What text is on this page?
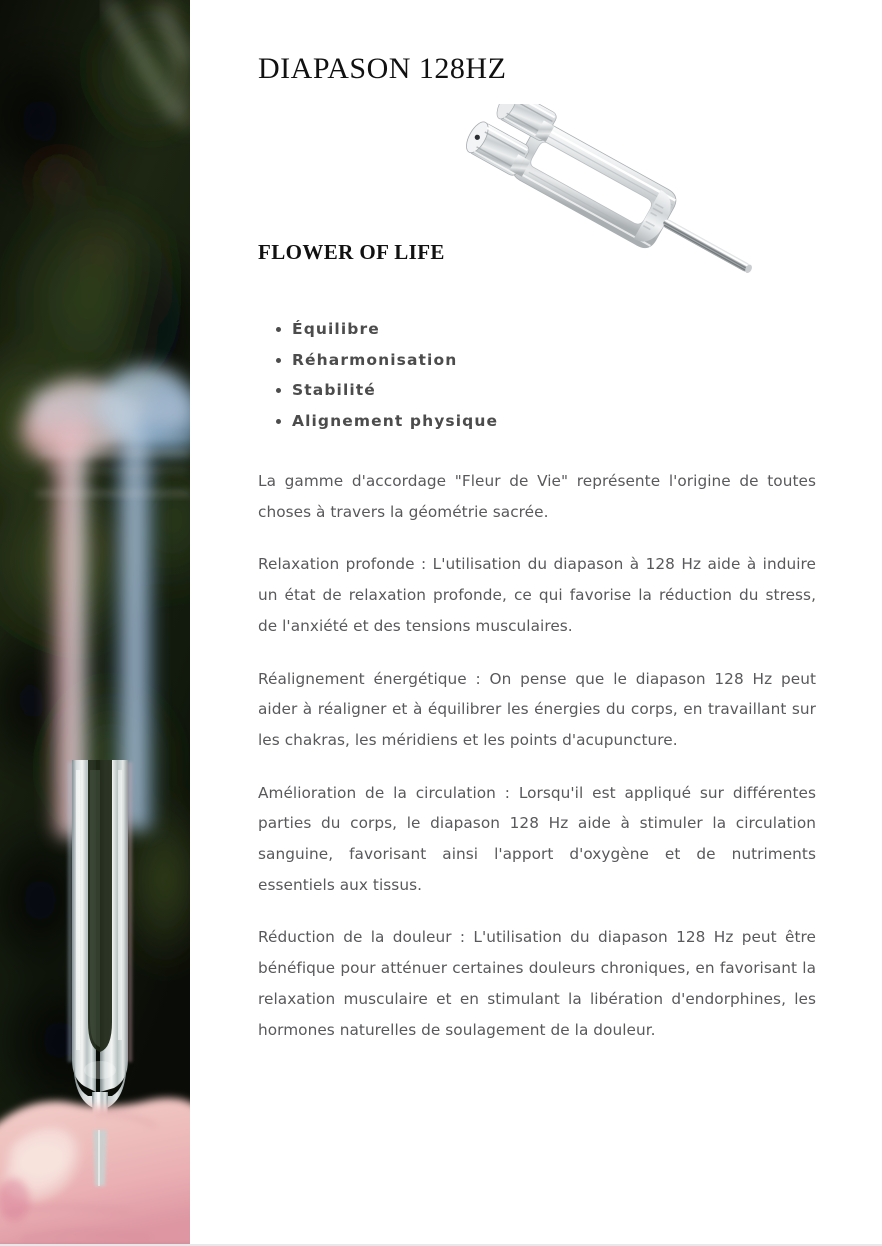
DIAPASON 128HZ
FLOWER OF LIFE
Équilibre
Réharmonisation
Stabilité
Alignement physique

La gamme d'accordage "Fleur de Vie" représente l'origine de toutes choses à travers la géométrie sacrée.

Relaxation profonde : L'utilisation du diapason à 128 Hz aide à induire un état de relaxation profonde, ce qui favorise la réduction du stress, de l'anxiété et des tensions musculaires.

Réalignement énergétique : On pense que le diapason 128 Hz peut aider à réaligner et à équilibrer les énergies du corps, en travaillant sur les chakras, les méridiens et les points d'acupuncture.

Amélioration de la circulation : Lorsqu'il est appliqué sur différentes parties du corps, le diapason 128 Hz aide à stimuler la circulation sanguine, favorisant ainsi l'apport d'oxygène et de nutriments essentiels aux tissus.

Réduction de la douleur : L'utilisation du diapason 128 Hz peut être bénéfique pour atténuer certaines douleurs chroniques, en favorisant la relaxation musculaire et en stimulant la libération d'endorphines, les hormones naturelles de soulagement de la douleur.
